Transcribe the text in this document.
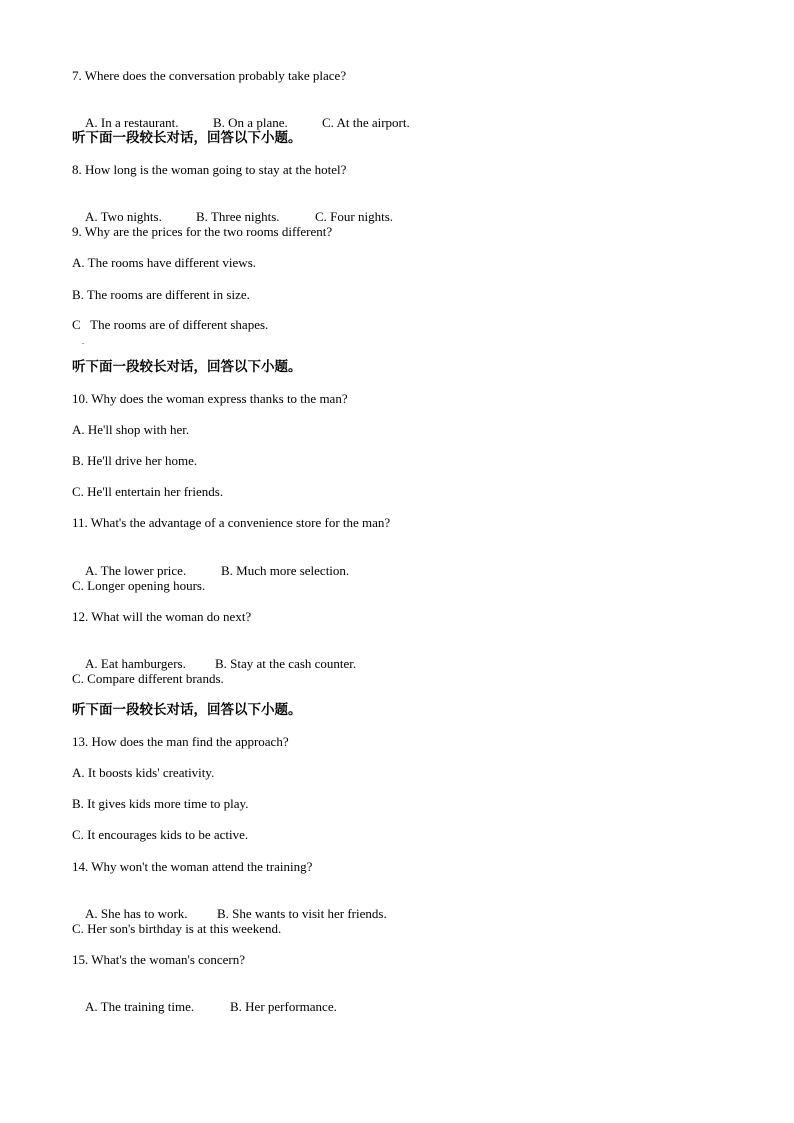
7. Where does the conversation probably take place?

A. In a restaurant.	B. On a plane.	C. At the airport.

听下面一段较长对话，回答以下小题。
8. How long is the woman going to stay at the hotel?

A. Two nights.	B. Three nights.	C. Four nights.

9. Why are the prices for the two rooms different?
A. The rooms have different views.
B. The rooms are different in size.
C   The rooms are of different shapes.
.
听下面一段较长对话，回答以下小题。
10. Why does the woman express thanks to the man?
A. He'll shop with her.
B. He'll drive her home.
C. He'll entertain her friends.
11. What's the advantage of a convenience store for the man?

A. The lower price.	B. Much more selection.

C. Longer opening hours.
12. What will the woman do next?

A. Eat hamburgers. B. Stay at the cash counter.

C. Compare different brands.
听下面一段较长对话，回答以下小题。
13. How does the man find the approach?
A. It boosts kids' creativity.
B. It gives kids more time to play.
C. It encourages kids to be active.
14. Why won't the woman attend the training?

A. She has to work. B. She wants to visit her friends.

C. Her son's birthday is at this weekend.
15. What's the woman's concern?

A. The training time.	B. Her performance.
